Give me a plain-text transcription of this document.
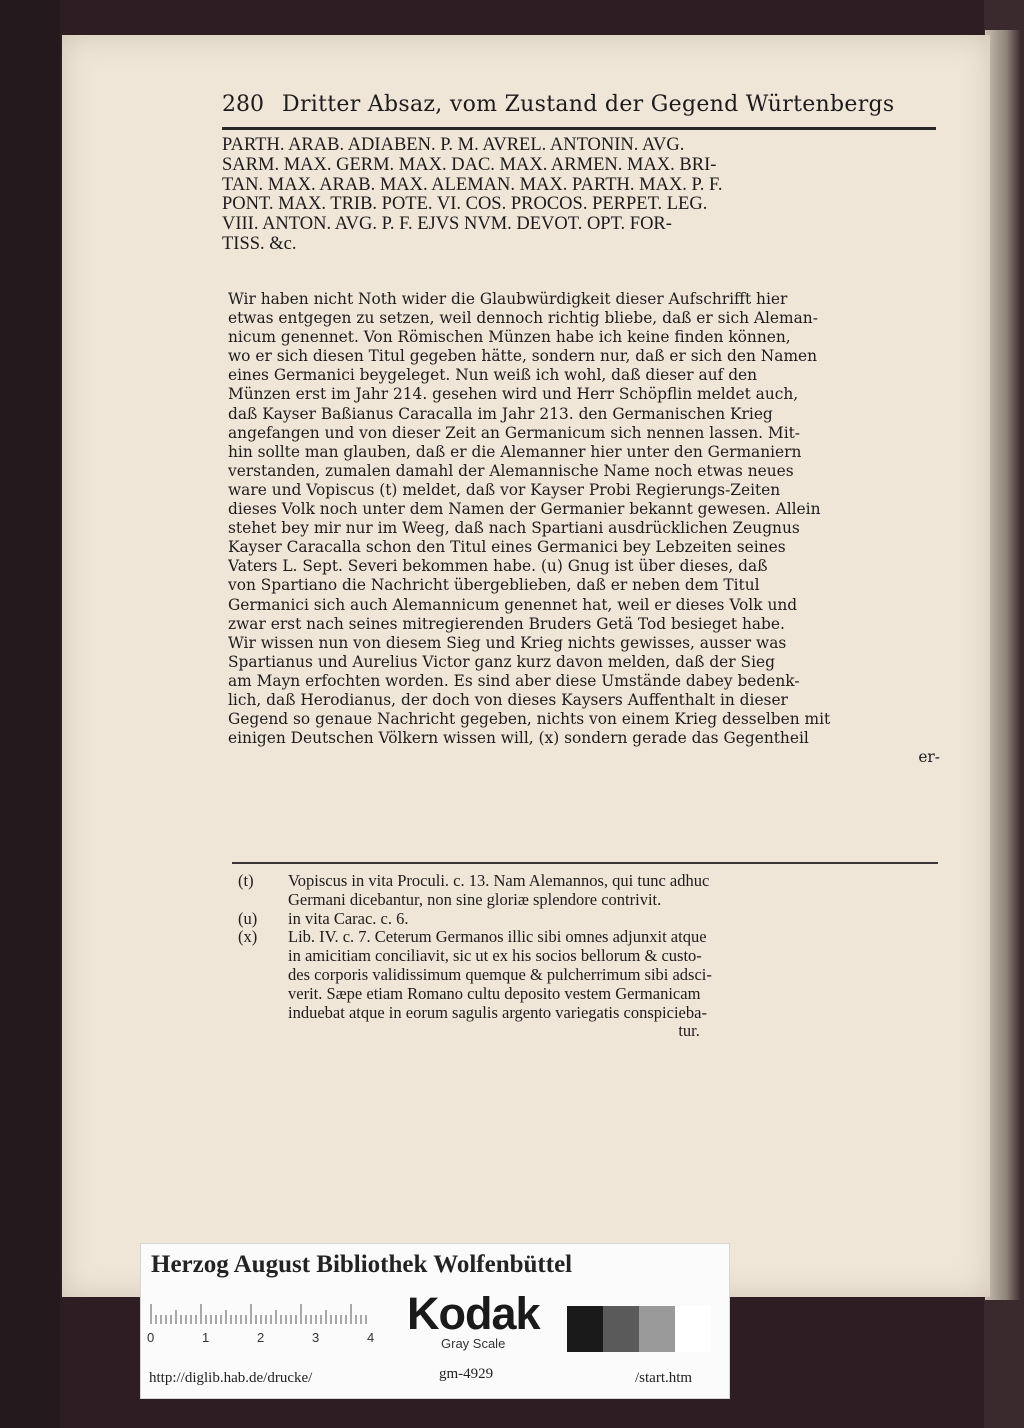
280 Dritter Absaz, vom Zustand der Gegend Würtenbergs
PARTH. ARAB. ADIABEN. P. M. AVREL. ANTONIN. AVG.
SARM. MAX. GERM. MAX. DAC. MAX. ARMEN. MAX. BRI-
TAN. MAX. ARAB. MAX. ALEMAN. MAX. PARTH. MAX. P. F.
PONT. MAX. TRIB. POTE. VI. COS. PROCOS. PERPET. LEG.
VIII. ANTON. AVG. P. F. EJVS NVM. DEVOT. OPT. FOR-
TISS. &c.
Wir haben nicht Noth wider die Glaubwürdigkeit dieser Aufschrifft hier
etwas entgegen zu setzen, weil dennoch richtig bliebe, daß er sich Aleman-
nicum genennet. Von Römischen Münzen habe ich keine finden können,
wo er sich diesen Titul gegeben hätte, sondern nur, daß er sich den Namen
eines Germanici beygeleget. Nun weiß ich wohl, daß dieser auf den
Münzen erst im Jahr 214. gesehen wird und Herr Schöpflin meldet auch,
daß Kayser Baßianus Caracalla im Jahr 213. den Germanischen Krieg
angefangen und von dieser Zeit an Germanicum sich nennen lassen. Mit-
hin sollte man glauben, daß er die Alemanner hier unter den Germaniern
verstanden, zumalen damahl der Alemannische Name noch etwas neues
ware und Vopiscus (t) meldet, daß vor Kayser Probi Regierungs-Zeiten
dieses Volk noch unter dem Namen der Germanier bekannt gewesen. Allein
stehet bey mir nur im Weeg, daß nach Spartiani ausdrücklichen Zeugnus
Kayser Caracalla schon den Titul eines Germanici bey Lebzeiten seines
Vaters L. Sept. Severi bekommen habe. (u) Gnug ist über dieses, daß
von Spartiano die Nachricht übergeblieben, daß er neben dem Titul
Germanici sich auch Alemannicum genennet hat, weil er dieses Volk und
zwar erst nach seines mitregierenden Bruders Getä Tod besieget habe.
Wir wissen nun von diesem Sieg und Krieg nichts gewisses, ausser was
Spartianus und Aurelius Victor ganz kurz davon melden, daß der Sieg
am Mayn erfochten worden. Es sind aber diese Umstände dabey bedenk-
lich, daß Herodianus, der doch von dieses Kaysers Auffenthalt in dieser
Gegend so genaue Nachricht gegeben, nichts von einem Krieg desselben mit
einigen Deutschen Völkern wissen will, (x) sondern gerade das Gegentheil
er-
(t)	Vopiscus in vita Proculi. c. 13. Nam Alemannos, qui tunc adhuc
Germani dicebantur, non sine gloriæ splendore contrivit.
(u)	in vita Carac. c. 6.
(x)	Lib. IV. c. 7. Ceterum Germanos illic sibi omnes adjunxit atque
in amicitiam conciliavit, sic ut ex his socios bellorum & custo-
des corporis validissimum quemque & pulcherrimum sibi adsci-
verit. Sæpe etiam Romano cultu deposito vestem Germanicam
induebat atque in eorum sagulis argento variegatis conspicieba-
tur.
Herzog August Bibliothek Wolfenbüttel
0	1	2	3	4 Kodak
Gray Scale
http://diglib.hab.de/drucke/	gm-4929	/start.htm
